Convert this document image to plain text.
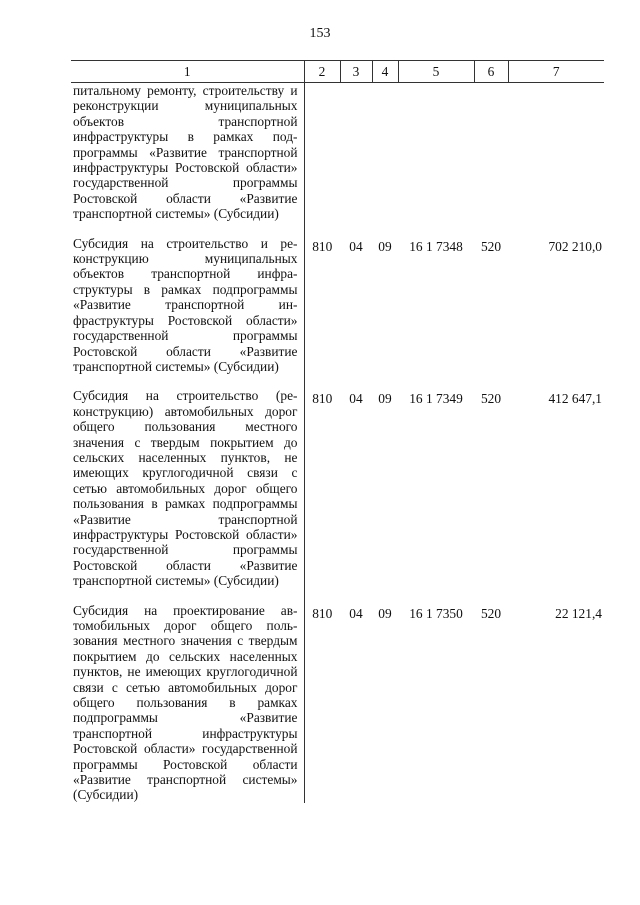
153
1	2	3	4	5	6	7
питальному ремонту, строительству и реконструкции муниципальных объектов транспортной инфраструктуры в рамках подпрограммы «Развитие транспортной инфраструктуры Ростовской области» государственной программы Ростовской области «Развитие транспортной системы» (Субсидии)						
Субсидия на строительство и реконструкцию муниципальных объектов транспортной инфраструктуры в рамках подпрограммы «Развитие транспортной инфраструктуры Ростовской области» государственной программы Ростовской области «Развитие транспортной системы» (Субсидии)	810	04	09	16 1 7348	520	702 210,0
Субсидия на строительство (реконструкцию) автомобильных дорог общего пользования местного значения с твердым покрытием до сельских населенных пунктов, не имеющих круглогодичной связи с сетью автомобильных дорог общего пользования в рамках подпрограммы «Развитие транспортной инфраструктуры Ростовской области» государственной программы Ростовской области «Развитие транспортной системы» (Субсидии)	810	04	09	16 1 7349	520	412 647,1
Субсидия на проектирование автомобильных дорог общего пользования местного значения с твердым покрытием до сельских населенных пунктов, не имеющих круглогодичной связи с сетью автомобильных дорог общего пользования в рамках подпрограммы «Развитие транспортной инфраструктуры Ростовской области» государственной программы Ростовской области «Развитие транспортной системы» (Субсидии)	810	04	09	16 1 7350	520	22 121,4
